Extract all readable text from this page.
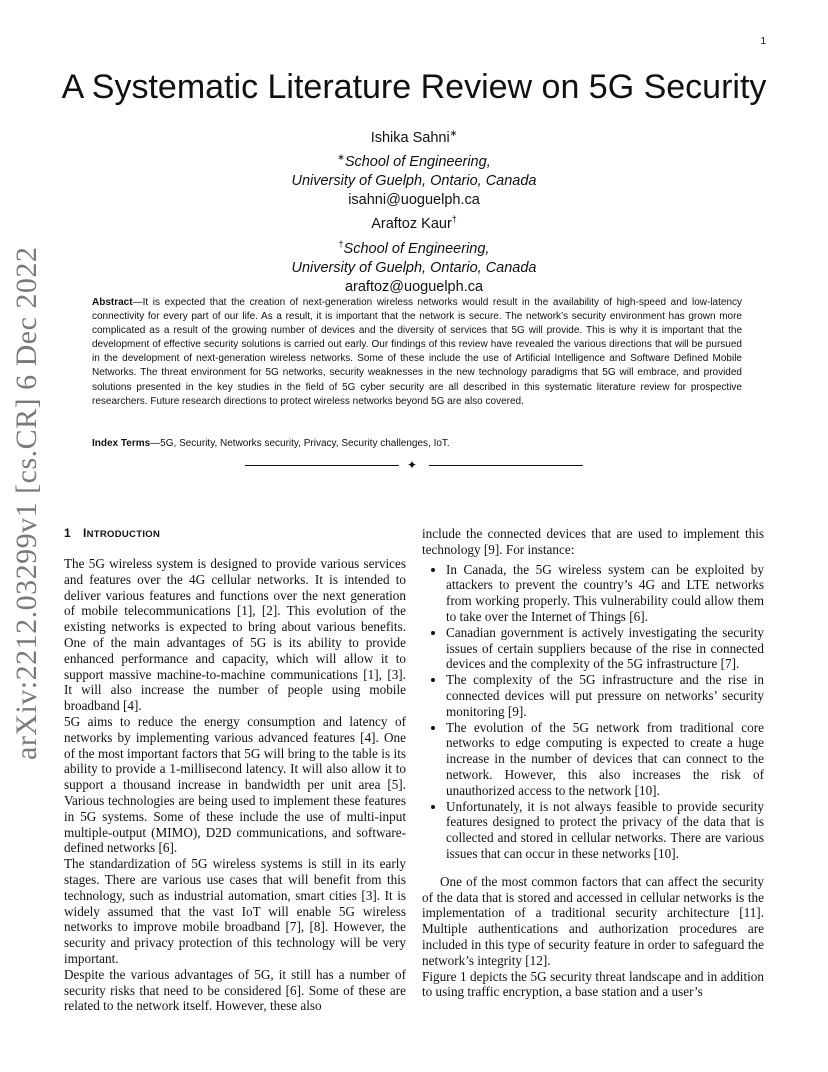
1
arXiv:2212.03299v1 [cs.CR] 6 Dec 2022
A Systematic Literature Review on 5G Security
Ishika Sahni∗
∗School of Engineering,
University of Guelph, Ontario, Canada
isahni@uoguelph.ca
Araftoz Kaur†
†School of Engineering,
University of Guelph, Ontario, Canada
araftoz@uoguelph.ca
Abstract—It is expected that the creation of next-generation wireless networks would result in the availability of high-speed and low-latency connectivity for every part of our life. As a result, it is important that the network is secure. The network’s security environment has grown more complicated as a result of the growing number of devices and the diversity of services that 5G will provide. This is why it is important that the development of effective security solutions is carried out early. Our findings of this review have revealed the various directions that will be pursued in the development of next-generation wireless networks. Some of these include the use of Artificial Intelligence and Software Defined Mobile Networks. The threat environment for 5G networks, security weaknesses in the new technology paradigms that 5G will embrace, and provided solutions presented in the key studies in the field of 5G cyber security are all described in this systematic literature review for prospective researchers. Future research directions to protect wireless networks beyond 5G are also covered.
Index Terms—5G, Security, Networks security, Privacy, Security challenges, IoT.
✦
1 INTRODUCTION

The 5G wireless system is designed to provide various services and features over the 4G cellular networks. It is intended to deliver various features and functions over the next generation of mobile telecommunications [1], [2]. This evolution of the existing networks is expected to bring about various benefits. One of the main advantages of 5G is its ability to provide enhanced performance and capacity, which will allow it to support massive machine-to-machine communications [1], [3]. It will also increase the number of people using mobile broadband [4].

5G aims to reduce the energy consumption and latency of networks by implementing various advanced features [4]. One of the most important factors that 5G will bring to the table is its ability to provide a 1-millisecond latency. It will also allow it to support a thousand increase in bandwidth per unit area [5]. Various technologies are being used to implement these features in 5G systems. Some of these include the use of multi-input multiple-output (MIMO), D2D communications, and software-defined networks [6].

The standardization of 5G wireless systems is still in its early stages. There are various use cases that will benefit from this technology, such as industrial automation, smart cities [3]. It is widely assumed that the vast IoT will enable 5G wireless networks to improve mobile broadband [7], [8]. However, the security and privacy protection of this technology will be very important.

Despite the various advantages of 5G, it still has a number of security risks that need to be considered [6]. Some of these are related to the network itself. However, these also

include the connected devices that are used to implement this technology [9]. For instance:

• In Canada, the 5G wireless system can be exploited by attackers to prevent the country’s 4G and LTE networks from working properly. This vulnerability could allow them to take over the Internet of Things [6].
• Canadian government is actively investigating the security issues of certain suppliers because of the rise in connected devices and the complexity of the 5G infrastructure [7].
• The complexity of the 5G infrastructure and the rise in connected devices will put pressure on networks’ security monitoring [9].
• The evolution of the 5G network from traditional core networks to edge computing is expected to create a huge increase in the number of devices that can connect to the network. However, this also increases the risk of unauthorized access to the network [10].
• Unfortunately, it is not always feasible to provide security features designed to protect the privacy of the data that is collected and stored in cellular networks. There are various issues that can occur in these networks [10].

One of the most common factors that can affect the security of the data that is stored and accessed in cellular networks is the implementation of a traditional security architecture [11]. Multiple authentications and authorization procedures are included in this type of security feature in order to safeguard the network’s integrity [12].

Figure 1 depicts the 5G security threat landscape and in addition to using traffic encryption, a base station and a user’s
